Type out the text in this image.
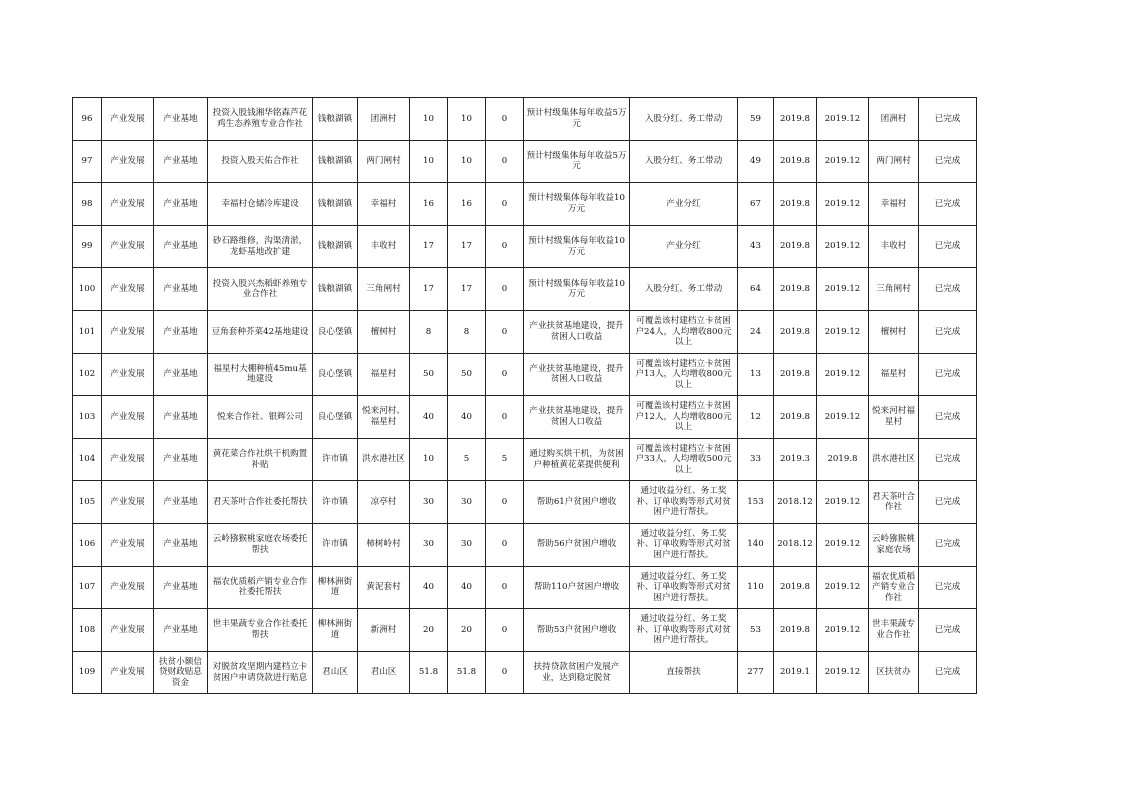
96	产业发展	产业基地	投资入股钱湘华铭森芦花鸡生态养殖专业合作社	钱粮湖镇	团洲村	10	10	0	预计村级集体每年收益5万元	入股分红、务工带动	59	2019.8	2019.12	团洲村	已完成
97	产业发展	产业基地	投资入股天佑合作社	钱粮湖镇	两门闸村	10	10	0	预计村级集体每年收益5万元	入股分红、务工带动	49	2019.8	2019.12	两门闸村	已完成
98	产业发展	产业基地	幸福村仓储冷库建设	钱粮湖镇	幸福村	16	16	0	预计村级集体每年收益10万元	产业分红	67	2019.8	2019.12	幸福村	已完成
99	产业发展	产业基地	砂石路维修，沟渠清淤，龙虾基地改扩建	钱粮湖镇	丰收村	17	17	0	预计村级集体每年收益10万元	产业分红	43	2019.8	2019.12	丰收村	已完成
100	产业发展	产业基地	投资入股兴杰稻虾养殖专业合作社	钱粮湖镇	三角闸村	17	17	0	预计村级集体每年收益10万元	入股分红、务工带动	64	2019.8	2019.12	三角闸村	已完成
101	产业发展	产业基地	豆角套种芥菜42基地建设	良心堡镇	檀树村	8	8	0	产业扶贫基地建设，提升贫困人口收益	可覆盖该村建档立卡贫困户24人，人均增收800元以上	24	2019.8	2019.12	檀树村	已完成
102	产业发展	产业基地	福星村大棚种植45mu基地建设	良心堡镇	福星村	50	50	0	产业扶贫基地建设，提升贫困人口收益	可覆盖该村建档立卡贫困户13人，人均增收800元以上	13	2019.8	2019.12	福星村	已完成
103	产业发展	产业基地	悦来合作社、银辉公司	良心堡镇	悦来河村、福星村	40	40	0	产业扶贫基地建设，提升贫困人口收益	可覆盖该村建档立卡贫困户12人，人均增收800元以上	12	2019.8	2019.12	悦来河村福星村	已完成
104	产业发展	产业基地	黄花菜合作社烘干机购置补贴	许市镇	洪水港社区	10	5	5	通过购买烘干机，为贫困户种植黄花菜提供便利	可覆盖该村建档立卡贫困户33人，人均增收500元以上	33	2019.3	2019.8	洪水港社区	已完成
105	产业发展	产业基地	君天茶叶合作社委托帮扶	许市镇	凉亭村	30	30	0	帮助61户贫困户增收	通过收益分红、务工奖补、订单收购等形式对贫困户进行帮扶。	153	2018.12	2019.12	君天茶叶合作社	已完成
106	产业发展	产业基地	云岭猕猴桃家庭农场委托帮扶	许市镇	柿树岭村	30	30	0	帮助56户贫困户增收	通过收益分红、务工奖补、订单收购等形式对贫困户进行帮扶。	140	2018.12	2019.12	云岭猕猴桃家庭农场	已完成
107	产业发展	产业基地	福农优质稻产销专业合作社委托帮扶	柳林洲街道	黄泥套村	40	40	0	帮助110户贫困户增收	通过收益分红、务工奖补、订单收购等形式对贫困户进行帮扶。	110	2019.8	2019.12	福农优质稻产销专业合作社	已完成
108	产业发展	产业基地	世丰果蔬专业合作社委托帮扶	柳林洲街道	新洲村	20	20	0	帮助53户贫困户增收	通过收益分红、务工奖补、订单收购等形式对贫困户进行帮扶。	53	2019.8	2019.12	世丰果蔬专业合作社	已完成
109	产业发展	扶贫小额信贷财政贴息资金	对脱贫攻坚期内建档立卡贫困户申请贷款进行贴息	君山区	君山区	51.8	51.8	0	扶持贷款贫困户发展产业，达到稳定脱贫	直接帮扶	277	2019.1	2019.12	区扶贫办	已完成
